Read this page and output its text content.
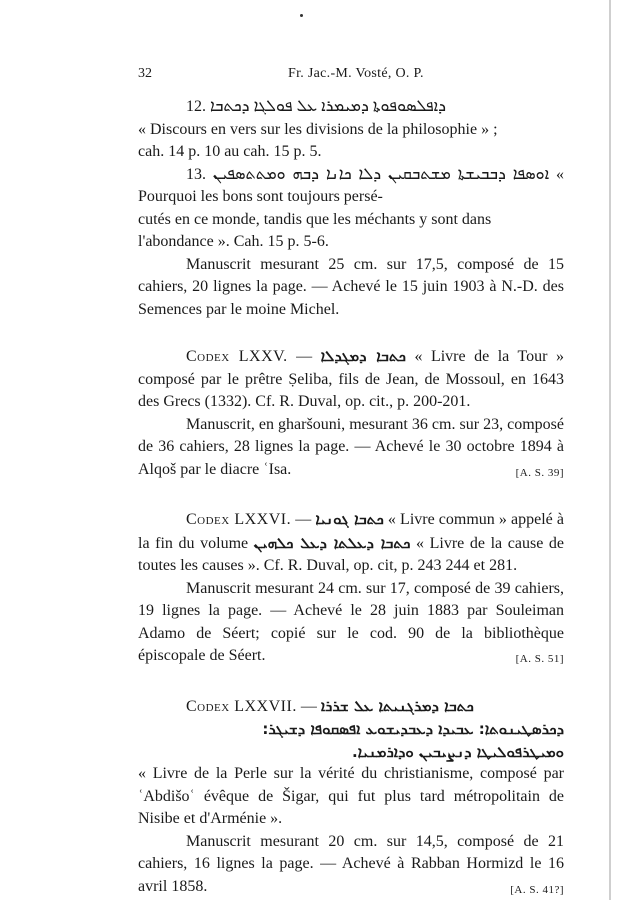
32	Fr. Jac.-M. Vosté, O. P.

12. ܕܐܦܠܣܘܦܘܬܐ ܕܡܝܡܪܐ ܥܠ ܦܘܠܓܐ ܕܟܬܒܐ

« Discours en vers sur les divisions de la philosophie » ;

cah. 14 p. 10 au cah. 15 p. 5.

13. ܐܘܣܦܐ ܕܒܒܝܫܬܐ ܡܫܬܒܩܝܢ ܕܠܐ ܟܐܢܐ ܕܒܗ ܘܡܬܬܣܦܝܢ « Pourquoi les bons sont toujours persé-

cutés en ce monde, tandis que les méchants y sont dans

l'abondance ». Cah. 15 p. 5-6.

Manuscrit mesurant 25 cm. sur 17,5, composé de 15 cahiers, 20 lignes la page. — Achevé le 15 juin 1903 à N.-D. des Semences par le moine Michel.

Codex LXXV. — ܟܬܒܐ ܕܡܓܕܠܐ « Livre de la Tour » composé par le prêtre Ṣeliba, fils de Jean, de Mossoul, en 1643 des Grecs (1332). Cf. R. Duval, op. cit., p. 200-201.

Manuscrit, en gharšouni, mesurant 36 cm. sur 23, composé de 36 cahiers, 28 lignes la page. — Achevé le 30 octobre 1894 à Alqoš par le diacre ʿIsa.	[A. S. 39]

Codex LXXVI. — ܟܬܒܐ ܓܘܢܝܐ « Livre commun » appelé à la fin du volume ܟܬܒܐ ܕܥܠܬܐ ܕܥܠ ܟܠܗܝܢ « Livre de la cause de toutes les causes ». Cf. R. Duval, op. cit, p. 243 244 et 281.

Manuscrit mesurant 24 cm. sur 17, composé de 39 cahiers, 19 lignes la page. — Achevé le 28 juin 1883 par Souleiman Adamo de Séert; copié sur le cod. 90 de la bibliothèque épiscopale de Séert.	[A. S. 51]

Codex LXXVII. — ܟܬܒܐ ܕܡܪܓܢܝܬܐ ܥܠ ܫܪܪܐ

ܕܟܪܣܛܝܢܘܬܐ: ܥܒܝܕܐ ܕܥܒܕܝܫܘܥ ܐܦܣܩܘܦܐ ܕܫܝܓܪ:

ܘܡܝܛܪܦܘܠܝܛܐ ܕܢܨܝܒܝܢ ܘܕܐܪܡܢܝܐ.

« Livre de la Perle sur la vérité du christianisme, composé par ʿAbdišoʿ évêque de Šigar, qui fut plus tard métropolitain de Nisibe et d'Arménie ».

Manuscrit mesurant 20 cm. sur 14,5, composé de 21 cahiers, 16 lignes la page. — Achevé à Rabban Hormizd le 16 avril 1858.	[A. S. 41?]
